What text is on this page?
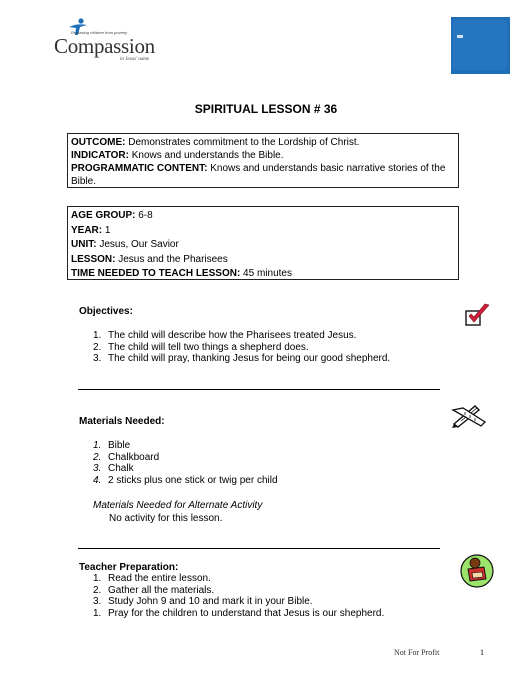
Releasing children from poverty
Compassion
in Jesus' name
SPIRITUAL LESSON # 36

OUTCOME: Demonstrates commitment to the Lordship of Christ.

INDICATOR: Knows and understands the Bible.

PROGRAMMATIC CONTENT: Knows and understands basic narrative stories of the Bible.

AGE GROUP: 6-8

YEAR: 1

UNIT: Jesus, Our Savior

LESSON: Jesus and the Pharisees

TIME NEEDED TO TEACH LESSON: 45 minutes

Objectives:
1. The child will describe how the Pharisees treated Jesus.
2. The child will tell two things a shepherd does.
3. The child will pray, thanking Jesus for being our good shepherd.
Materials Needed:
1. Bible
2. Chalkboard
3. Chalk
4. 2 sticks plus one stick or twig per child
Materials Needed for Alternate Activity
No activity for this lesson.
Teacher Preparation:
1. Read the entire lesson.
2. Gather all the materials.
3. Study John 9 and 10 and mark it in your Bible.
1. Pray for the children to understand that Jesus is our shepherd.
Not For Profit	1
